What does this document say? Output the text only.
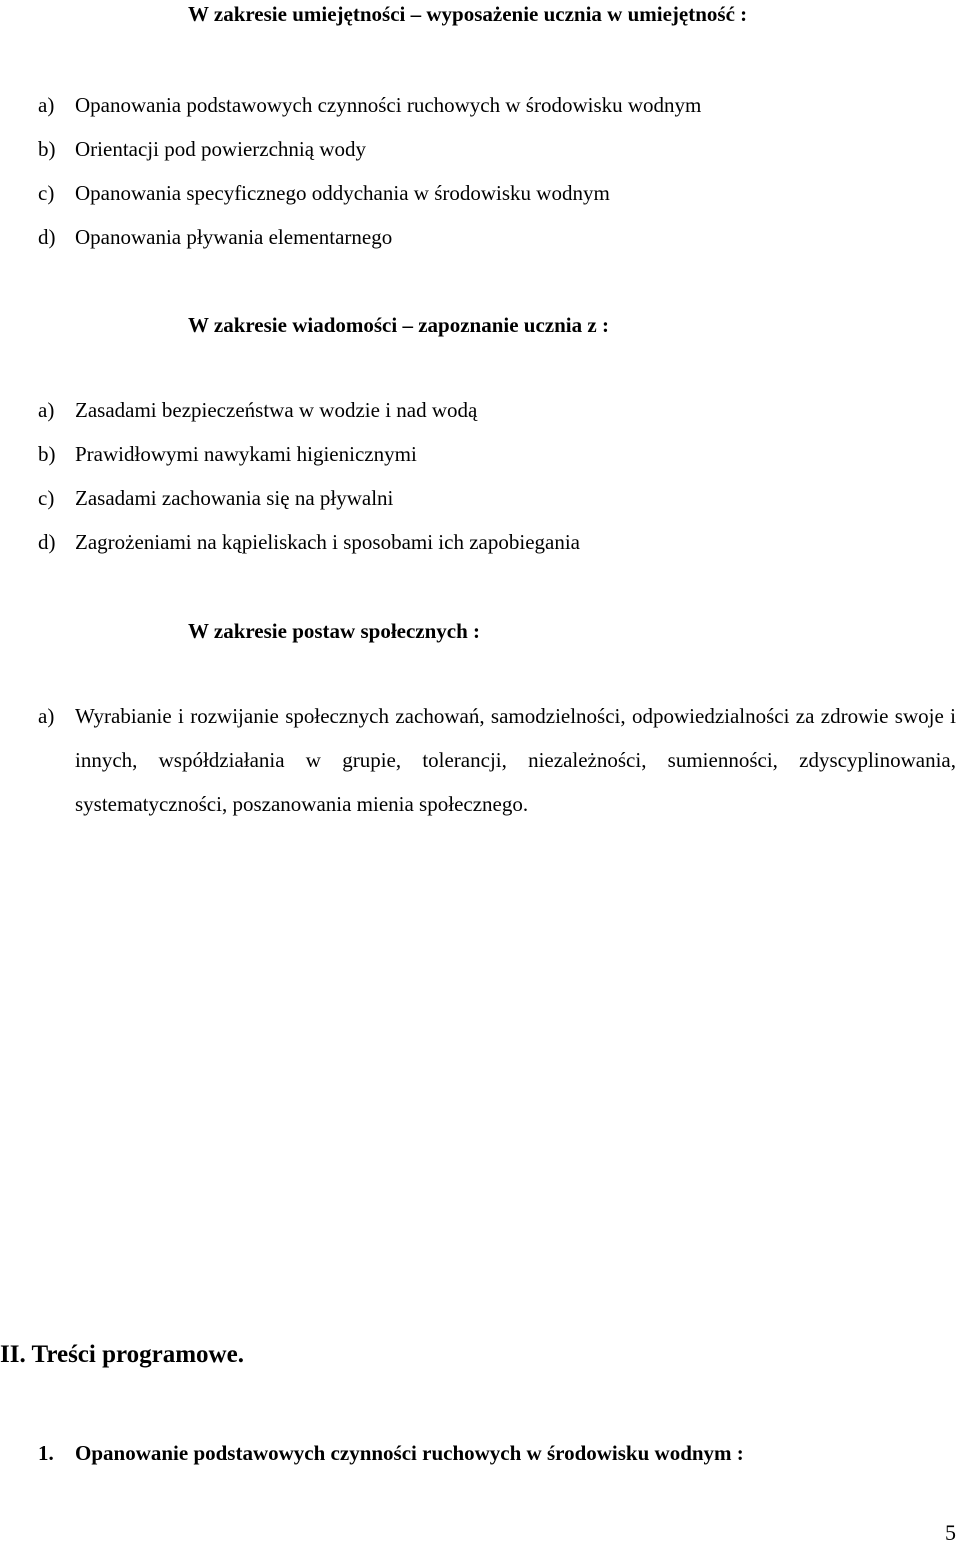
W zakresie umiejętności – wyposażenie ucznia w umiejętność :
a) Opanowania podstawowych czynności ruchowych w środowisku wodnym
b) Orientacji pod powierzchnią wody
c) Opanowania specyficznego oddychania w środowisku wodnym
d) Opanowania pływania elementarnego
W zakresie wiadomości – zapoznanie ucznia z :
a) Zasadami bezpieczeństwa w wodzie i nad wodą
b) Prawidłowymi nawykami higienicznymi
c) Zasadami zachowania się na pływalni
d) Zagrożeniami na kąpieliskach i sposobami ich zapobiegania
W zakresie postaw społecznych :
a) Wyrabianie i rozwijanie społecznych zachowań, samodzielności, odpowiedzialności za zdrowie swoje i innych, współdziałania w grupie, tolerancji, niezależności, sumienności, zdyscyplinowania, systematyczności, poszanowania mienia społecznego.
II. Treści programowe.
1. Opanowanie podstawowych czynności ruchowych w środowisku wodnym :
5
